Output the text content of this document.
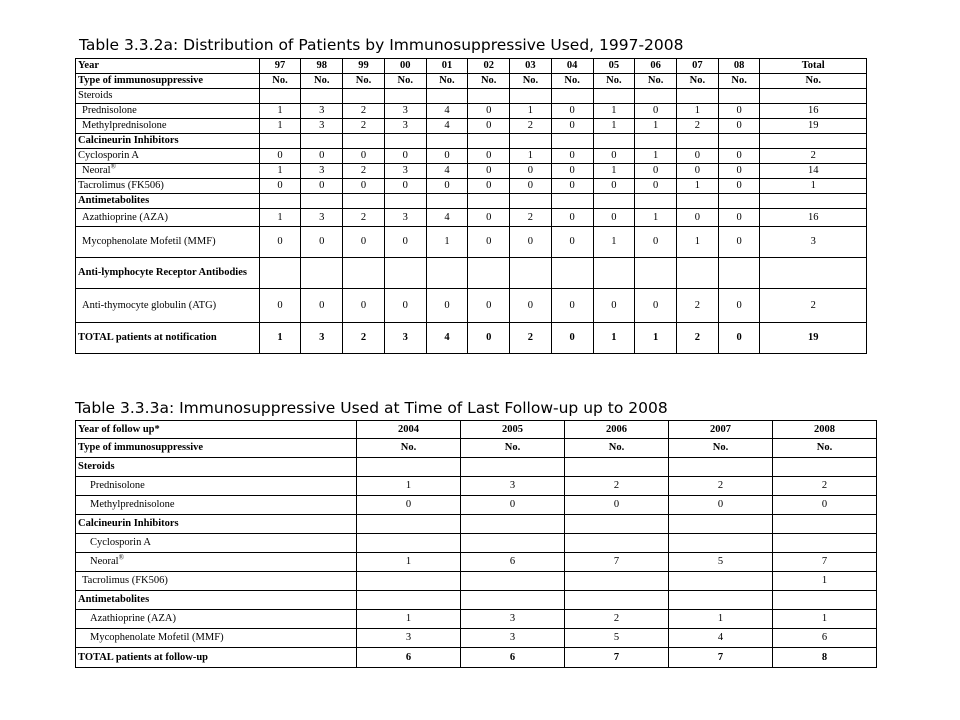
Table 3.3.2a: Distribution of Patients by Immunosuppressive Used, 1997-2008
Year	97	98	99	00	01	02	03	04	05	06	07	08	Total
Type of immunosuppressive	No.	No.	No.	No.	No.	No.	No.	No.	No.	No.	No.	No.	No.
Steroids													
Prednisolone	1	3	2	3	4	0	1	0	1	0	1	0	16
Methylprednisolone	1	3	2	3	4	0	2	0	1	1	2	0	19
Calcineurin Inhibitors													
Cyclosporin A	0	0	0	0	0	0	1	0	0	1	0	0	2
Neoral®	1	3	2	3	4	0	0	0	1	0	0	0	14
Tacrolimus (FK506)	0	0	0	0	0	0	0	0	0	0	1	0	1
Antimetabolites													
Azathioprine (AZA)	1	3	2	3	4	0	2	0	0	1	0	0	16
Mycophenolate Mofetil (MMF)	0	0	0	0	1	0	0	0	1	0	1	0	3
Anti-lymphocyte Receptor Antibodies													
Anti-thymocyte globulin (ATG)	0	0	0	0	0	0	0	0	0	0	2	0	2
TOTAL patients at notification	1	3	2	3	4	0	2	0	1	1	2	0	19
Table 3.3.3a: Immunosuppressive Used at Time of Last Follow-up up to 2008
Year of follow up*	2004	2005	2006	2007	2008
Type of immunosuppressive	No.	No.	No.	No.	No.
Steroids					
Prednisolone	1	3	2	2	2
Methylprednisolone	0	0	0	0	0
Calcineurin Inhibitors					
Cyclosporin A					
Neoral®	1	6	7	5	7
Tacrolimus (FK506)					1
Antimetabolites					
Azathioprine (AZA)	1	3	2	1	1
Mycophenolate Mofetil (MMF)	3	3	5	4	6
TOTAL patients at follow-up	6	6	7	7	8
